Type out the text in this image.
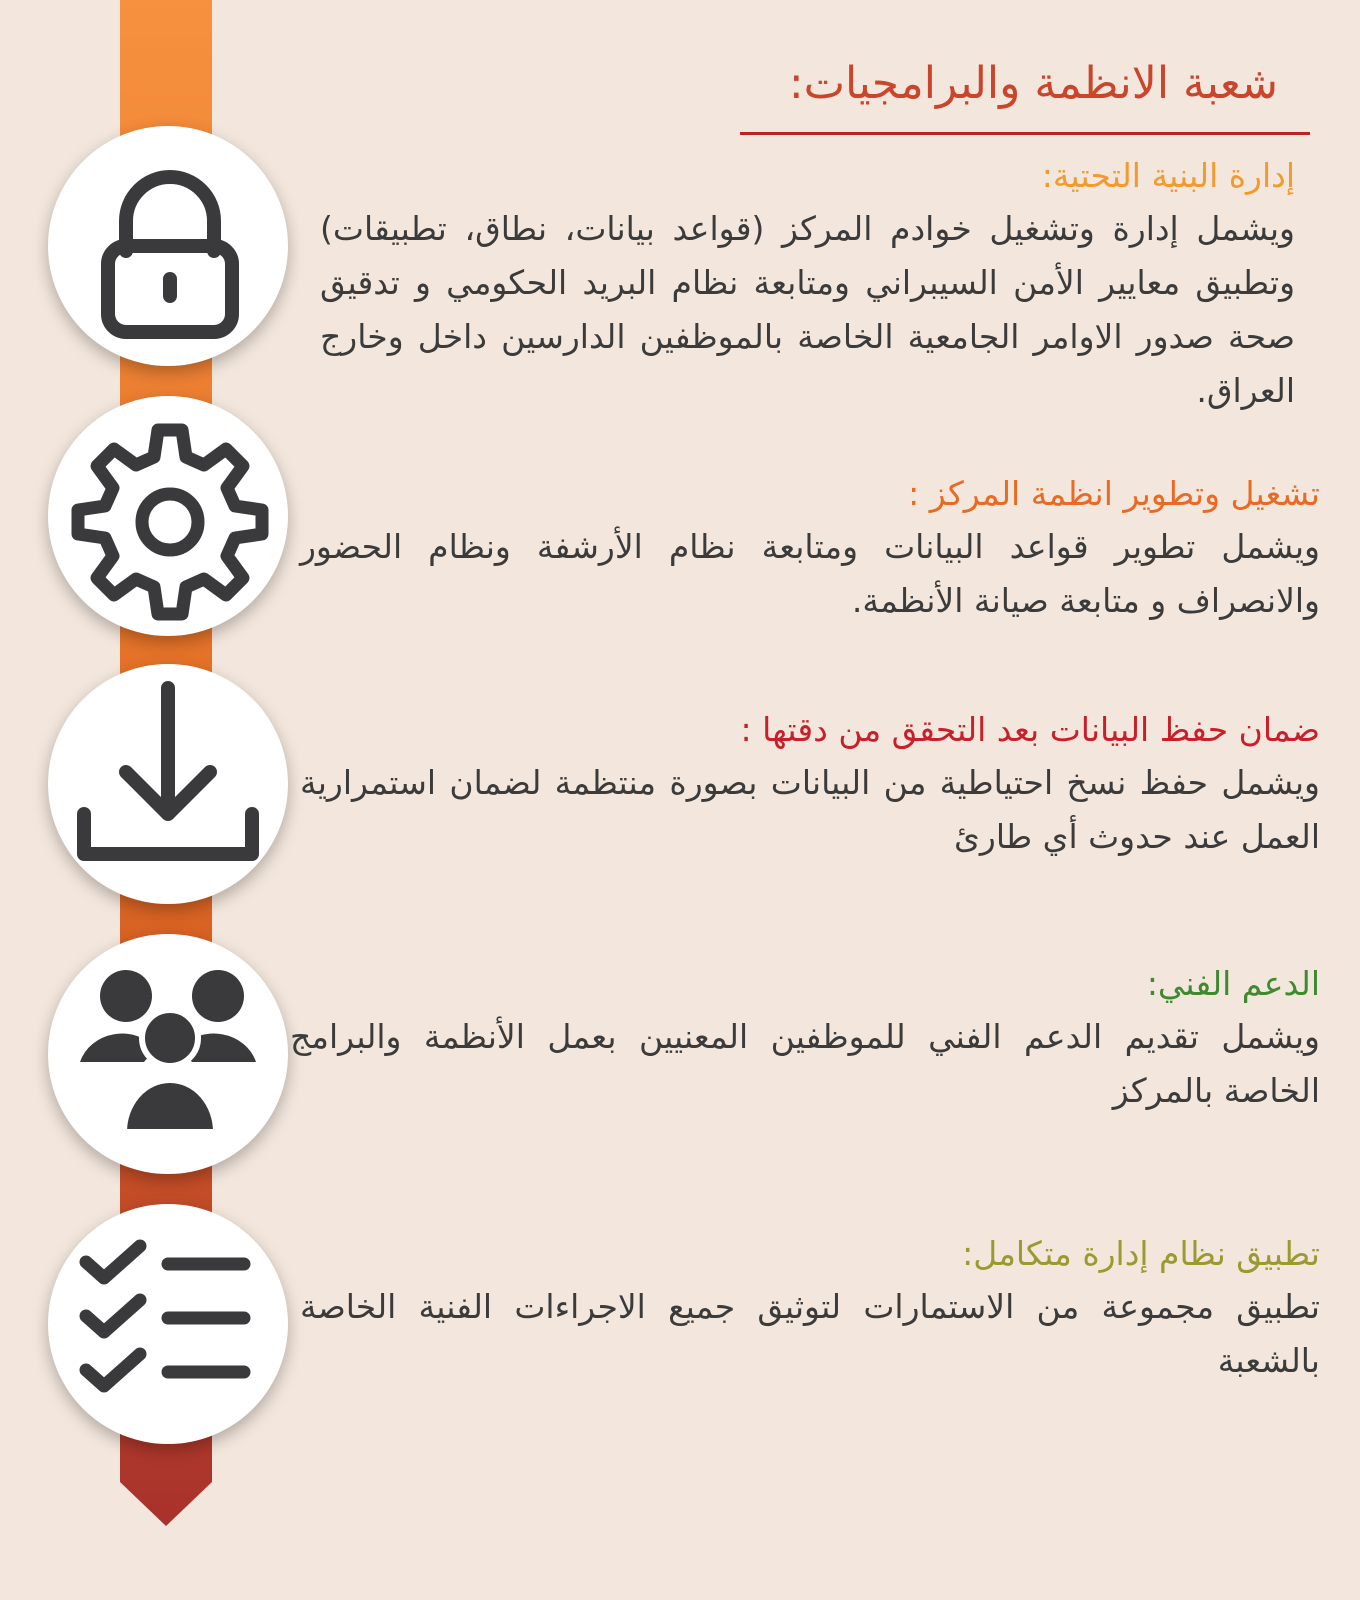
شعبة الانظمة والبرامجيات:
إدارة البنية التحتية:
ويشمل إدارة وتشغيل خوادم المركز (قواعد بيانات، نطاق، تطبيقات) وتطبيق معايير الأمن السيبراني ومتابعة نظام البريد الحكومي و تدقيق صحة صدور الاوامر الجامعية الخاصة بالموظفين الدارسين داخل وخارج العراق.
تشغيل وتطوير انظمة المركز :
ويشمل تطوير قواعد البيانات ومتابعة نظام الأرشفة ونظام الحضور والانصراف و متابعة صيانة الأنظمة.
ضمان حفظ البيانات بعد التحقق من دقتها :
ويشمل حفظ نسخ احتياطية من البيانات بصورة منتظمة لضمان استمرارية العمل عند حدوث أي طارئ
الدعم الفني:
ويشمل تقديم الدعم الفني للموظفين المعنيين بعمل الأنظمة والبرامج الخاصة بالمركز
تطبيق نظام إدارة متكامل:
تطبيق مجموعة من الاستمارات لتوثيق جميع الاجراءات الفنية الخاصة بالشعبة
